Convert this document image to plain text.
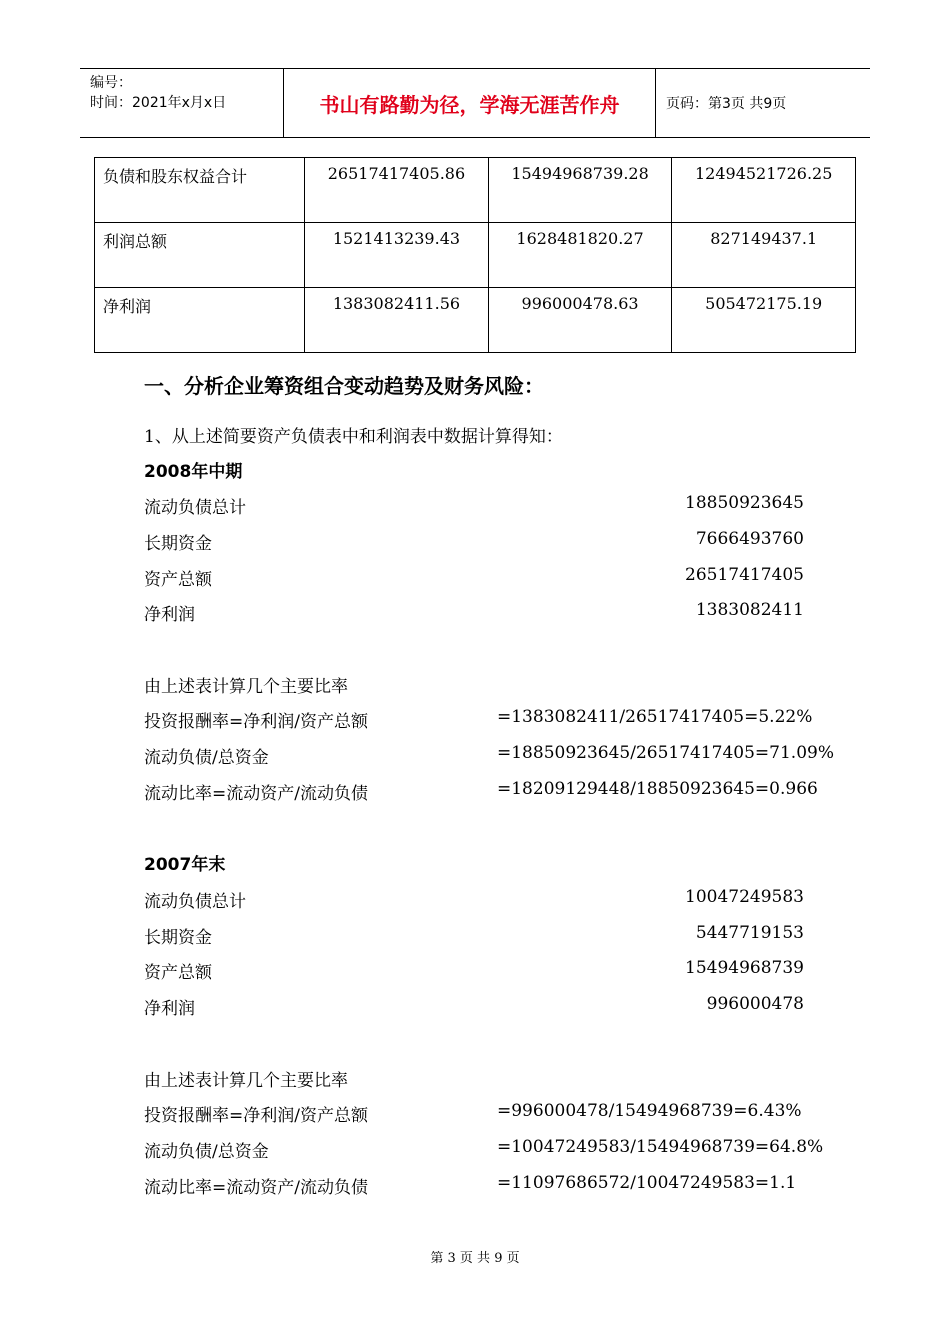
编号：
时间：2021年x月x日	书山有路勤为径，学海无涯苦作舟	页码：第3页 共9页
负债和股东权益合计	26517417405.86	15494968739.28	12494521726.25
利润总额	1521413239.43	1628481820.27	827149437.1
净利润	1383082411.56	996000478.63	505472175.19
一、分析企业筹资组合变动趋势及财务风险：
1、从上述简要资产负债表中和利润表中数据计算得知：
2008年中期
流动负债总计	18850923645
长期资金	7666493760
资产总额	26517417405
净利润	1383082411
由上述表计算几个主要比率
投资报酬率=净利润/资产总额	=1383082411/26517417405=5.22%
流动负债/总资金	=18850923645/26517417405=71.09%
流动比率=流动资产/流动负债	=18209129448/18850923645=0.966
2007年末
流动负债总计	10047249583
长期资金	5447719153
资产总额	15494968739
净利润	996000478
由上述表计算几个主要比率
投资报酬率=净利润/资产总额	=996000478/15494968739=6.43%
流动负债/总资金	=10047249583/15494968739=64.8%
流动比率=流动资产/流动负债	=11097686572/10047249583=1.1
第 3 页 共 9 页
